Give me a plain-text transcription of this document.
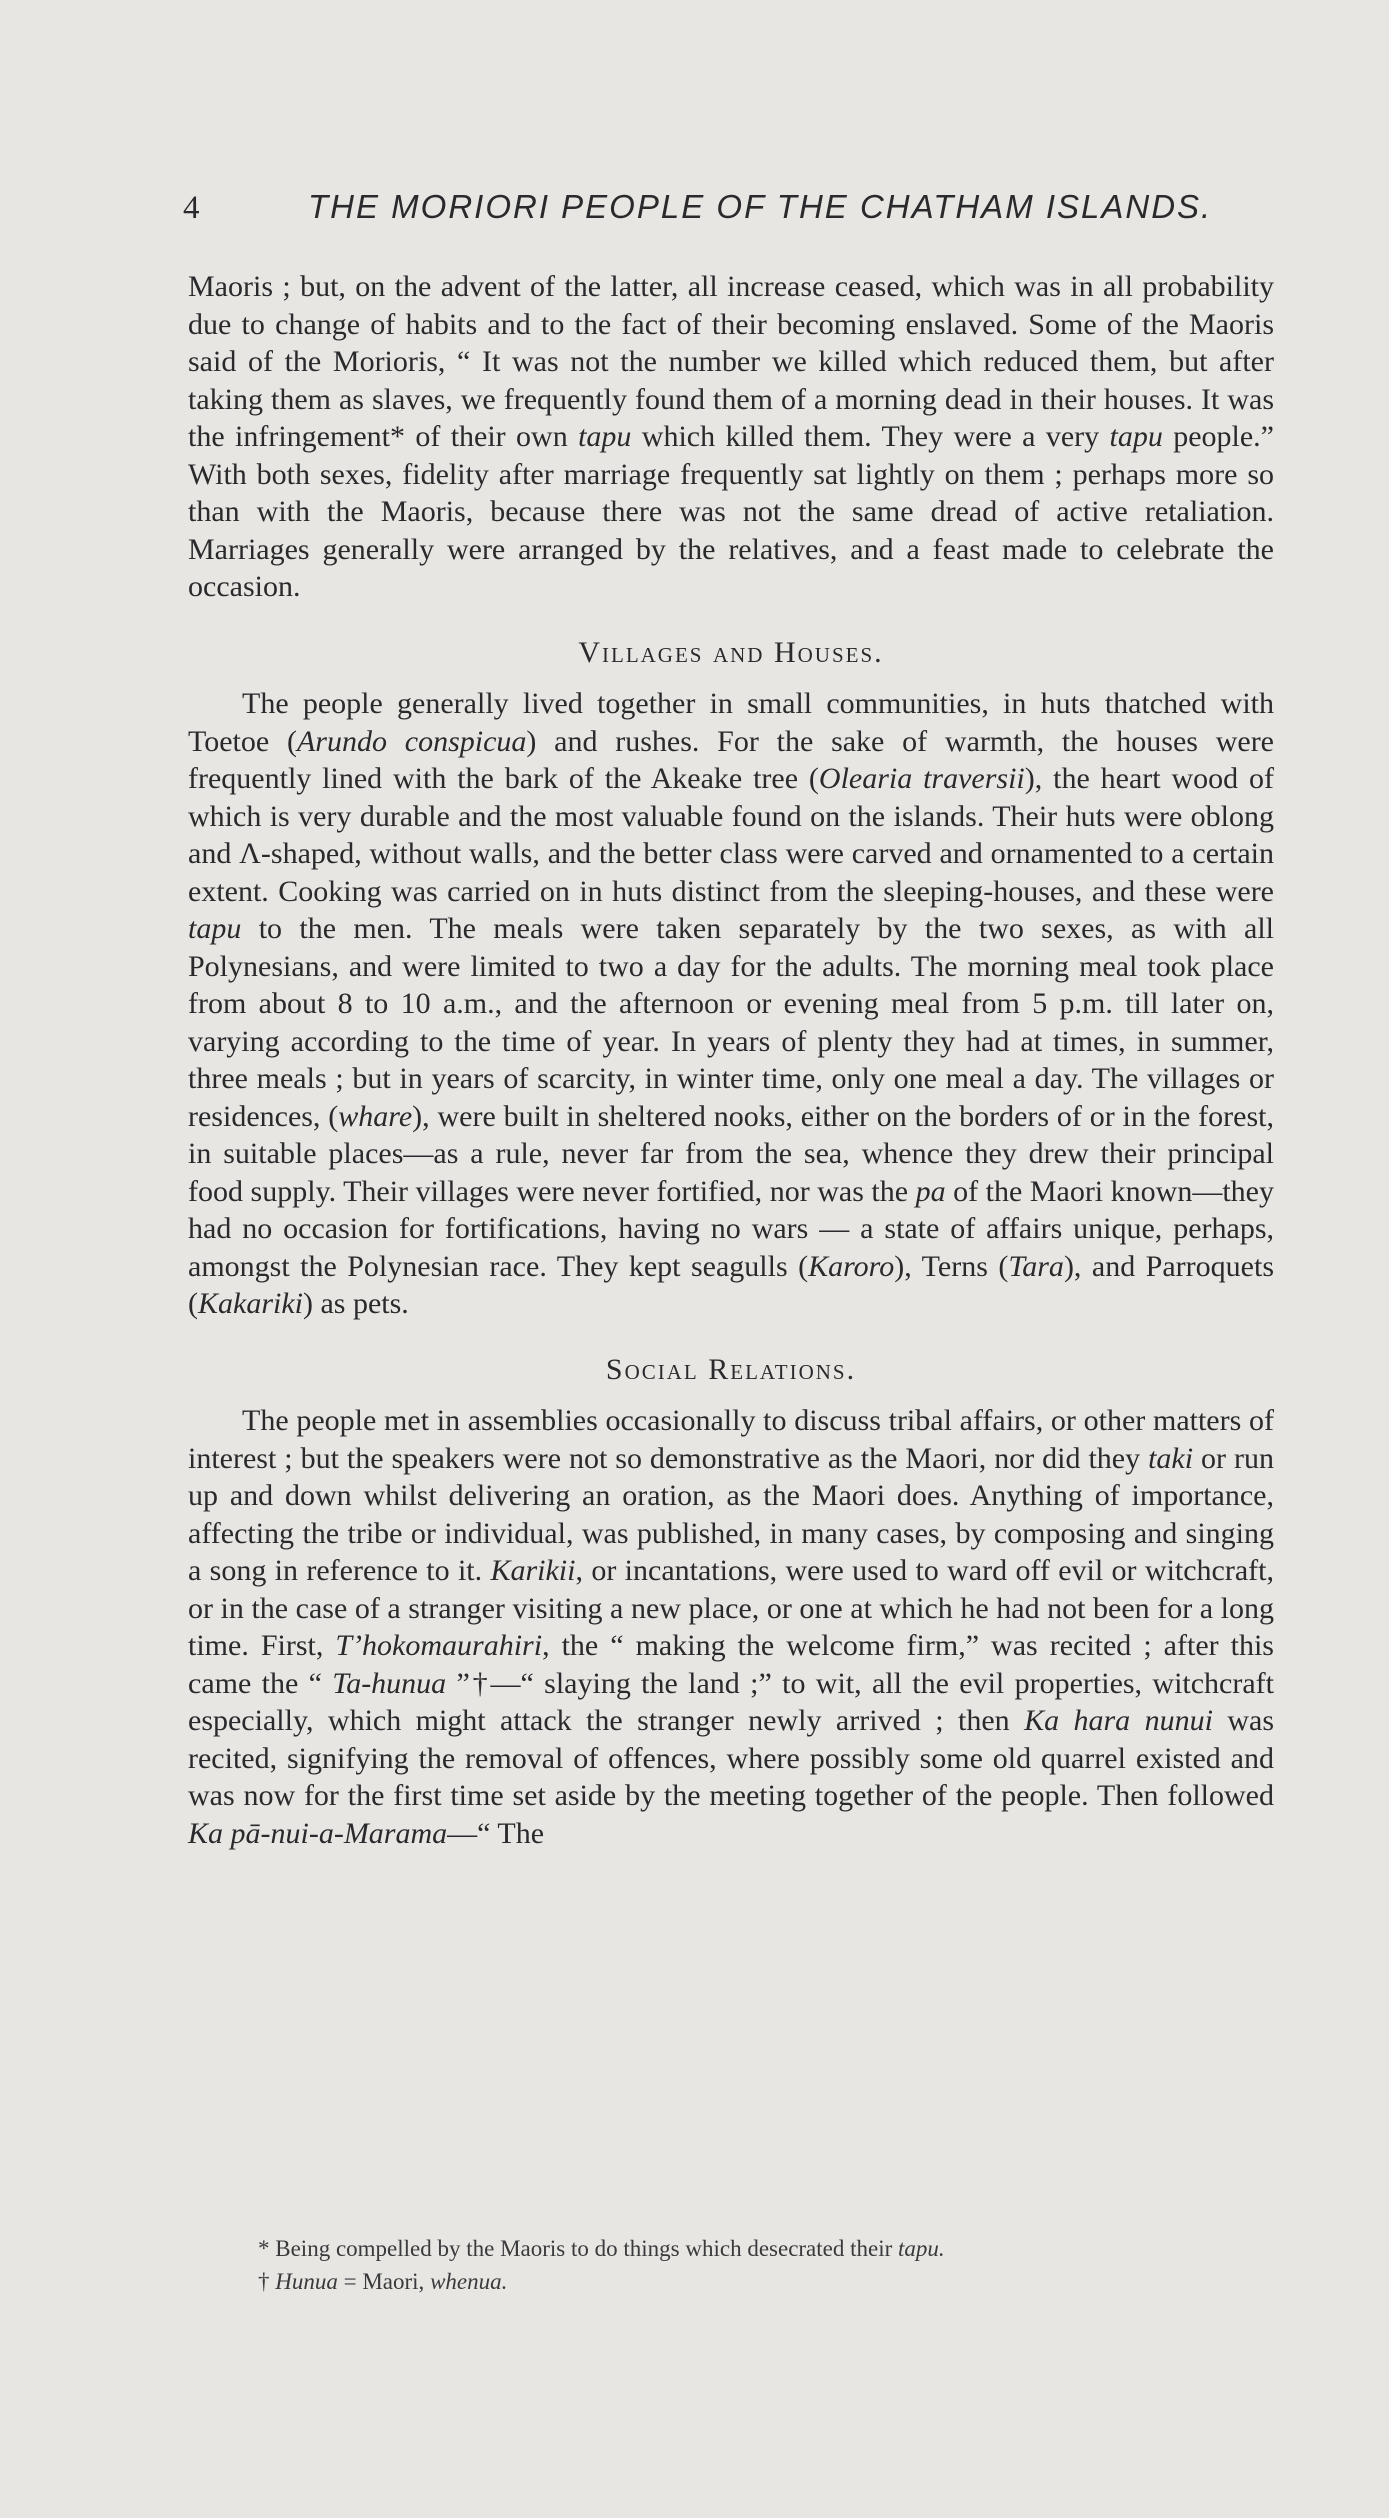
4	THE MORIORI PEOPLE OF THE CHATHAM ISLANDS.

Maoris ; but, on the advent of the latter, all increase ceased, which was in all probability due to change of habits and to the fact of their becoming enslaved. Some of the Maoris said of the Morioris, “ It was not the number we killed which reduced them, but after taking them as slaves, we frequently found them of a morning dead in their houses. It was the infringement* of their own tapu which killed them. They were a very tapu people.” With both sexes, fidelity after marriage frequently sat lightly on them ; perhaps more so than with the Maoris, because there was not the same dread of active retaliation. Marriages generally were arranged by the relatives, and a feast made to celebrate the occasion.

Villages and Houses.

The people generally lived together in small communities, in huts thatched with Toetoe (Arundo conspicua) and rushes. For the sake of warmth, the houses were frequently lined with the bark of the Akeake tree (Olearia traversii), the heart wood of which is very durable and the most valuable found on the islands. Their huts were oblong and Λ-shaped, without walls, and the better class were carved and ornamented to a certain extent. Cooking was carried on in huts distinct from the sleeping-houses, and these were tapu to the men. The meals were taken separately by the two sexes, as with all Polynesians, and were limited to two a day for the adults. The morning meal took place from about 8 to 10 a.m., and the afternoon or evening meal from 5 p.m. till later on, varying according to the time of year. In years of plenty they had at times, in summer, three meals ; but in years of scarcity, in winter time, only one meal a day. The villages or residences, (whare), were built in sheltered nooks, either on the borders of or in the forest, in suitable places—as a rule, never far from the sea, whence they drew their principal food supply. Their villages were never fortified, nor was the pa of the Maori known—they had no occasion for fortifications, having no wars — a state of affairs unique, perhaps, amongst the Polynesian race. They kept seagulls (Karoro), Terns (Tara), and Parroquets (Kakariki) as pets.

Social Relations.

The people met in assemblies occasionally to discuss tribal affairs, or other matters of interest ; but the speakers were not so demonstrative as the Maori, nor did they taki or run up and down whilst delivering an oration, as the Maori does. Anything of importance, affecting the tribe or individual, was published, in many cases, by composing and singing a song in reference to it. Karikii, or incantations, were used to ward off evil or witchcraft, or in the case of a stranger visiting a new place, or one at which he had not been for a long time. First, T’hokomaurahiri, the “ making the welcome firm,” was recited ; after this came the “ Ta-hunua ”†—“ slaying the land ;” to wit, all the evil properties, witchcraft especially, which might attack the stranger newly arrived ; then Ka hara nunui was recited, signifying the removal of offences, where possibly some old quarrel existed and was now for the first time set aside by the meeting together of the people. Then followed Ka pā-nui-a-Marama—“ The

* Being compelled by the Maoris to do things which desecrated their tapu.
† Hunua = Maori, whenua.
